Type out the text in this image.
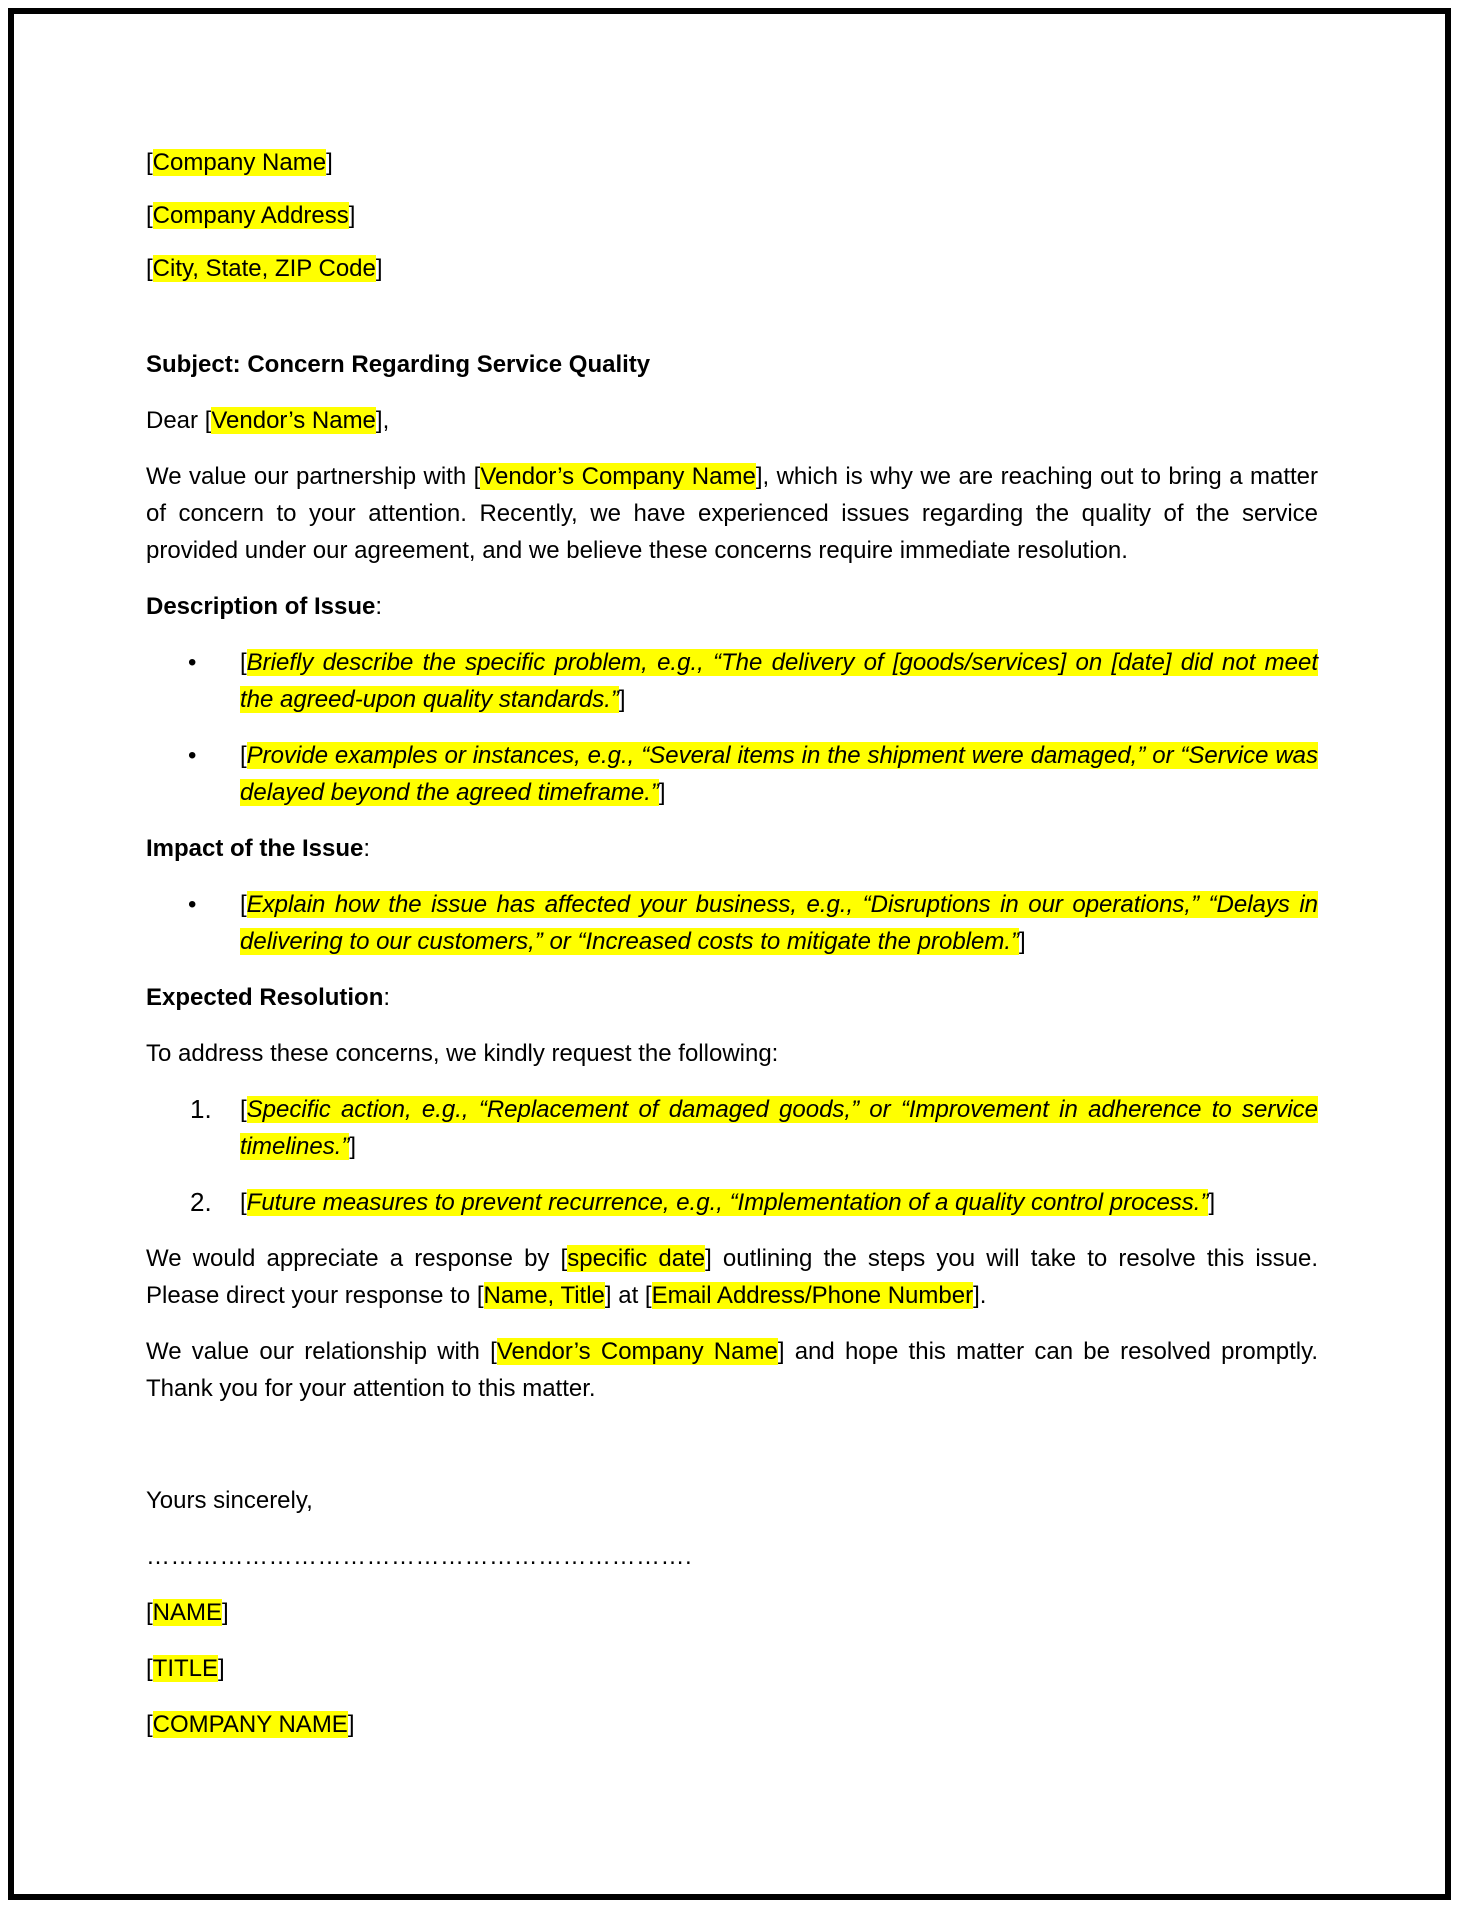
[Company Name]

[Company Address]

[City, State, ZIP Code]

Subject: Concern Regarding Service Quality

Dear [Vendor’s Name],

We value our partnership with [Vendor’s Company Name], which is why we are reaching out to bring a matter of concern to your attention. Recently, we have experienced issues regarding the quality of the service provided under our agreement, and we believe these concerns require immediate resolution.

Description of Issue:

• [Briefly describe the specific problem, e.g., “The delivery of [goods/services] on [date] did not meet the agreed-upon quality standards.”]
• [Provide examples or instances, e.g., “Several items in the shipment were damaged,” or “Service was delayed beyond the agreed timeframe.”]

Impact of the Issue:

• [Explain how the issue has affected your business, e.g., “Disruptions in our operations,” “Delays in delivering to our customers,” or “Increased costs to mitigate the problem.”]

Expected Resolution:

To address these concerns, we kindly request the following:

1. [Specific action, e.g., “Replacement of damaged goods,” or “Improvement in adherence to service timelines.”]
2. [Future measures to prevent recurrence, e.g., “Implementation of a quality control process.”]

We would appreciate a response by [specific date] outlining the steps you will take to resolve this issue. Please direct your response to [Name, Title] at [Email Address/Phone Number].

We value our relationship with [Vendor’s Company Name] and hope this matter can be resolved promptly. Thank you for your attention to this matter.

Yours sincerely,

………………………………………………………….

[NAME]

[TITLE]

[COMPANY NAME]
